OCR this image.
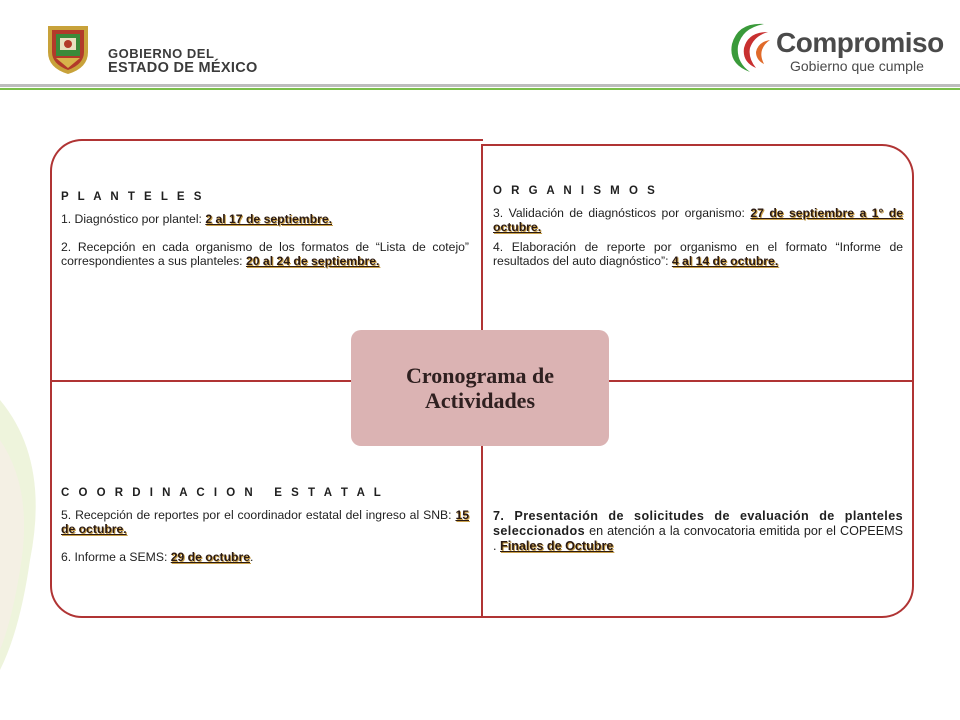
GOBIERNO DEL
ESTADO DE MÉXICO
Compromiso
Gobierno que cumple

P L A N T E L E S

1. Diagnóstico por plantel: 2 al 17 de septiembre.

2. Recepción en cada organismo de los formatos de “Lista de cotejo” correspondientes a sus planteles: 20 al 24 de septiembre.

O R G A N I S M O S

3. Validación de diagnósticos por organismo: 27 de septiembre a 1° de octubre.

4. Elaboración de reporte por organismo en el formato “Informe de resultados del auto diagnóstico”: 4 al 14 de octubre.

Cronograma de Actividades

C O O R D I N A C I O N   E S T A T A L

5. Recepción de reportes por el coordinador estatal del ingreso al SNB: 15 de octubre.

6. Informe a SEMS: 29 de octubre.

7. Presentación de solicitudes de evaluación de planteles seleccionados en atención a la convocatoria emitida por el COPEEMS . Finales de Octubre
